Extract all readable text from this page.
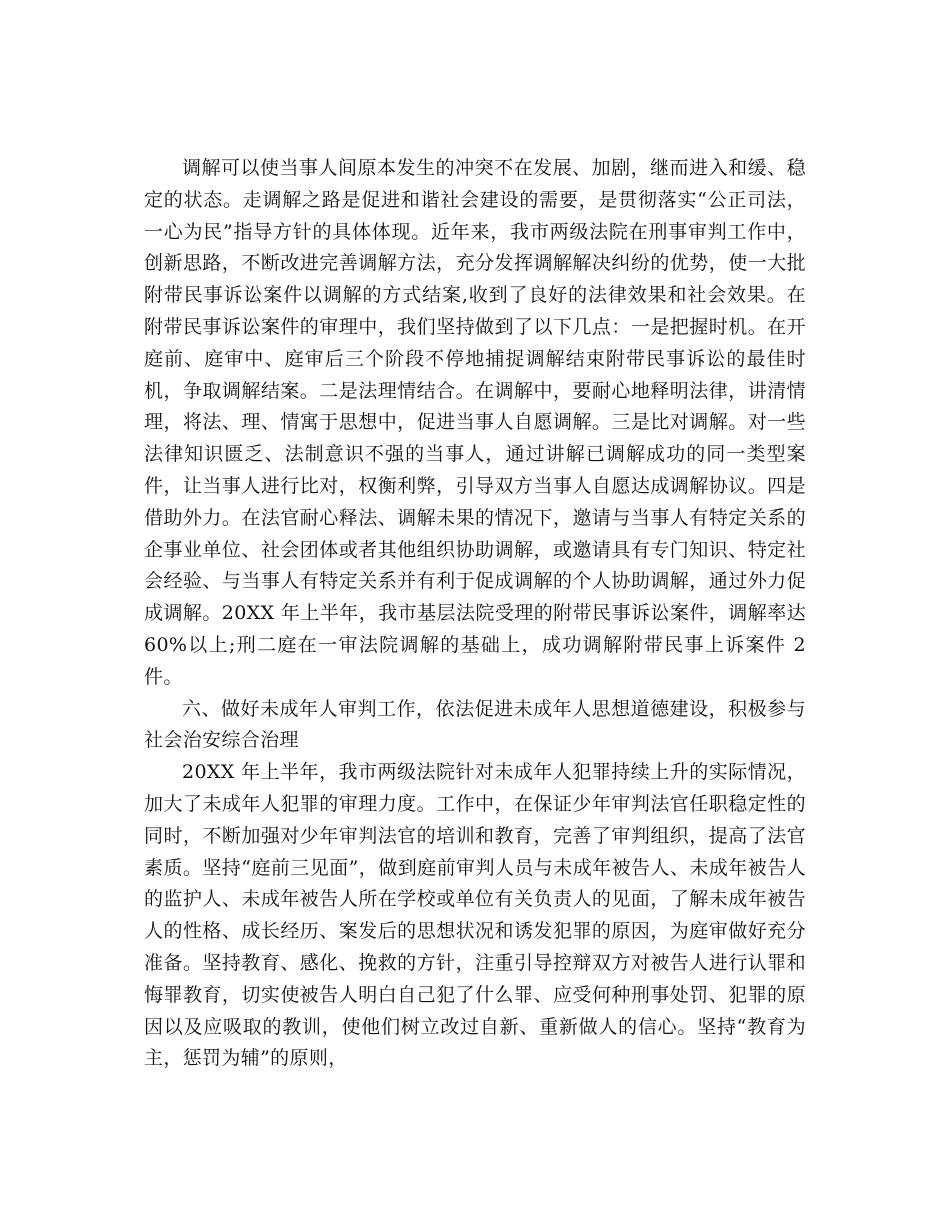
调解可以使当事人间原本发生的冲突不在发展、加剧，继而进入和缓、稳定的状态。走调解之路是促进和谐社会建设的需要，是贯彻落实“公正司法，一心为民”指导方针的具体体现。近年来，我市两级法院在刑事审判工作中，创新思路，不断改进完善调解方法，充分发挥调解解决纠纷的优势，使一大批附带民事诉讼案件以调解的方式结案,收到了良好的法律效果和社会效果。在附带民事诉讼案件的审理中，我们坚持做到了以下几点：一是把握时机。在开庭前、庭审中、庭审后三个阶段不停地捕捉调解结束附带民事诉讼的最佳时机，争取调解结案。二是法理情结合。在调解中，要耐心地释明法律，讲清情理，将法、理、情寓于思想中，促进当事人自愿调解。三是比对调解。对一些法律知识匮乏、法制意识不强的当事人，通过讲解已调解成功的同一类型案件，让当事人进行比对，权衡利弊，引导双方当事人自愿达成调解协议。四是借助外力。在法官耐心释法、调解未果的情况下，邀请与当事人有特定关系的企事业单位、社会团体或者其他组织协助调解，或邀请具有专门知识、特定社会经验、与当事人有特定关系并有利于促成调解的个人协助调解，通过外力促成调解。20XX 年上半年，我市基层法院受理的附带民事诉讼案件，调解率达 60%以上;刑二庭在一审法院调解的基础上，成功调解附带民事上诉案件 2 件。

六、做好未成年人审判工作，依法促进未成年人思想道德建设，积极参与社会治安综合治理

20XX 年上半年，我市两级法院针对未成年人犯罪持续上升的实际情况，加大了未成年人犯罪的审理力度。工作中，在保证少年审判法官任职稳定性的同时，不断加强对少年审判法官的培训和教育，完善了审判组织，提高了法官素质。坚持“庭前三见面”，做到庭前审判人员与未成年被告人、未成年被告人的监护人、未成年被告人所在学校或单位有关负责人的见面，了解未成年被告人的性格、成长经历、案发后的思想状况和诱发犯罪的原因，为庭审做好充分准备。坚持教育、感化、挽救的方针，注重引导控辩双方对被告人进行认罪和悔罪教育，切实使被告人明白自己犯了什么罪、应受何种刑事处罚、犯罪的原因以及应吸取的教训，使他们树立改过自新、重新做人的信心。坚持“教育为主，惩罚为辅”的原则，
